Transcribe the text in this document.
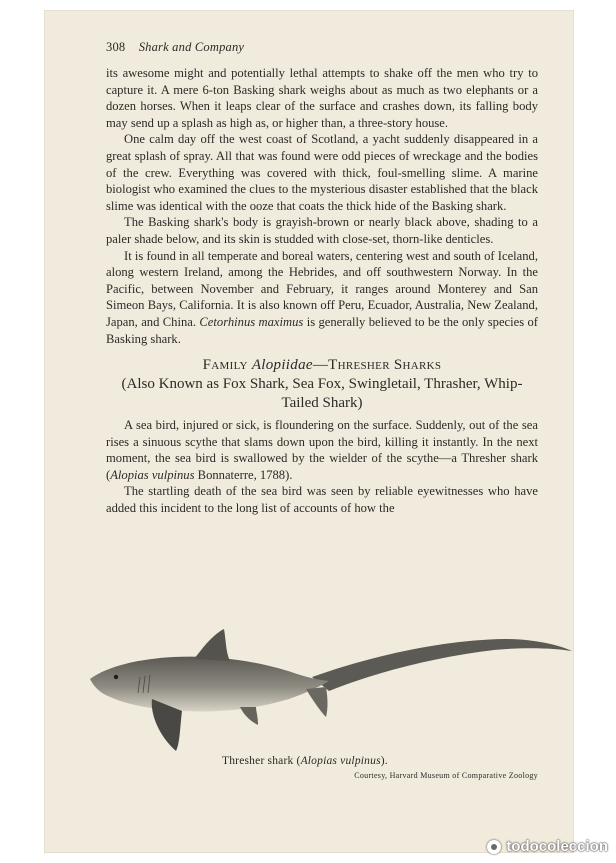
308 Shark and Company

its awesome might and potentially lethal attempts to shake off the men who try to capture it. A mere 6-ton Basking shark weighs about as much as two elephants or a dozen horses. When it leaps clear of the surface and crashes down, its falling body may send up a splash as high as, or higher than, a three-story house.

One calm day off the west coast of Scotland, a yacht suddenly disappeared in a great splash of spray. All that was found were odd pieces of wreckage and the bodies of the crew. Everything was covered with thick, foul-smelling slime. A marine biologist who examined the clues to the mysterious disaster established that the black slime was identical with the ooze that coats the thick hide of the Basking shark.

The Basking shark's body is grayish-brown or nearly black above, shading to a paler shade below, and its skin is studded with close-set, thorn-like denticles.

It is found in all temperate and boreal waters, centering west and south of Iceland, along western Ireland, among the Hebrides, and off southwestern Norway. In the Pacific, between November and February, it ranges around Monterey and San Simeon Bays, California. It is also known off Peru, Ecuador, Australia, New Zealand, Japan, and China. Cetorhinus maximus is generally believed to be the only species of Basking shark.

Family Alopiidae—Thresher Sharks
(Also Known as Fox Shark, Sea Fox, Swingletail, Thrasher, Whip-Tailed Shark)

A sea bird, injured or sick, is floundering on the surface. Suddenly, out of the sea rises a sinuous scythe that slams down upon the bird, killing it instantly. In the next moment, the sea bird is swallowed by the wielder of the scythe—a Thresher shark (Alopias vulpinus Bonnaterre, 1788).

The startling death of the sea bird was seen by reliable eyewitnesses who have added this incident to the long list of accounts of how the

Thresher shark (Alopias vulpinus).
Courtesy, Harvard Museum of Comparative Zoology
todocoleccion
